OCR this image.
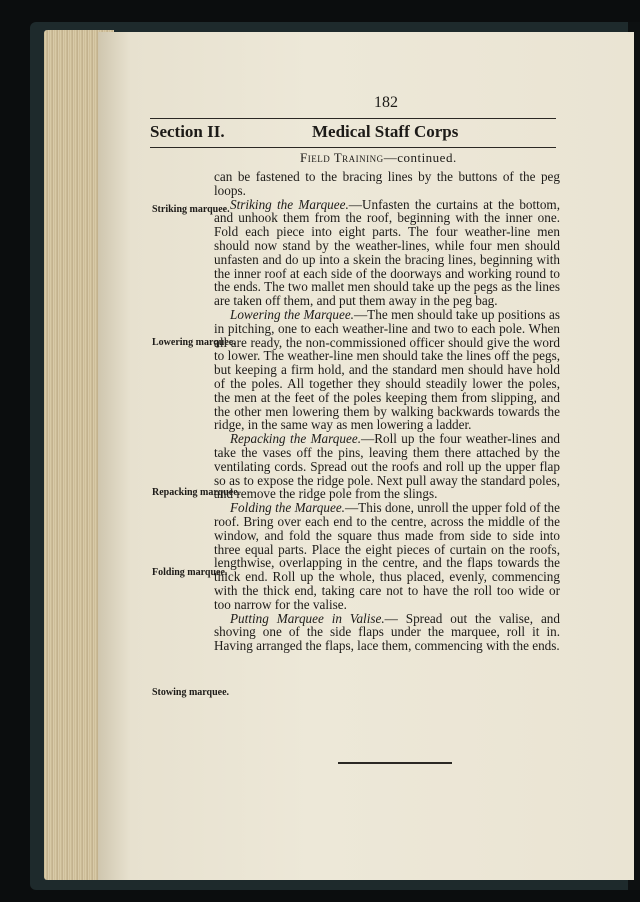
182
Section II.	Medical Staff Corps
Field Training—continued.
Striking marquee.
Lowering marquee.
Repacking marquee.
Folding marquee.
Stowing marquee.

can be fastened to the bracing lines by the buttons of the peg loops.

Striking the Marquee.—Unfasten the curtains at the bottom, and unhook them from the roof, beginning with the inner one. Fold each piece into eight parts. The four weather-line men should now stand by the weather-lines, while four men should unfasten and do up into a skein the bracing lines, beginning with the inner roof at each side of the doorways and working round to the ends. The two mallet men should take up the pegs as the lines are taken off them, and put them away in the peg bag.

Lowering the Marquee.—The men should take up positions as in pitching, one to each weather-line and two to each pole. When all are ready, the non-commissioned officer should give the word to lower. The weather-line men should take the lines off the pegs, but keeping a firm hold, and the standard men should have hold of the poles. All together they should steadily lower the poles, the men at the feet of the poles keeping them from slipping, and the other men lowering them by walking backwards towards the ridge, in the same way as men lowering a ladder.

Repacking the Marquee.—Roll up the four weather-lines and take the vases off the pins, leaving them there attached by the ventilating cords. Spread out the roofs and roll up the upper flap so as to expose the ridge pole. Next pull away the standard poles, and remove the ridge pole from the slings.

Folding the Marquee.—This done, unroll the upper fold of the roof. Bring over each end to the centre, across the middle of the window, and fold the square thus made from side to side into three equal parts. Place the eight pieces of curtain on the roofs, lengthwise, overlapping in the centre, and the flaps towards the thick end. Roll up the whole, thus placed, evenly, commencing with the thick end, taking care not to have the roll too wide or too narrow for the valise.

Putting Marquee in Valise.— Spread out the valise, and shoving one of the side flaps under the marquee, roll it in. Having arranged the flaps, lace them, commencing with the ends.
